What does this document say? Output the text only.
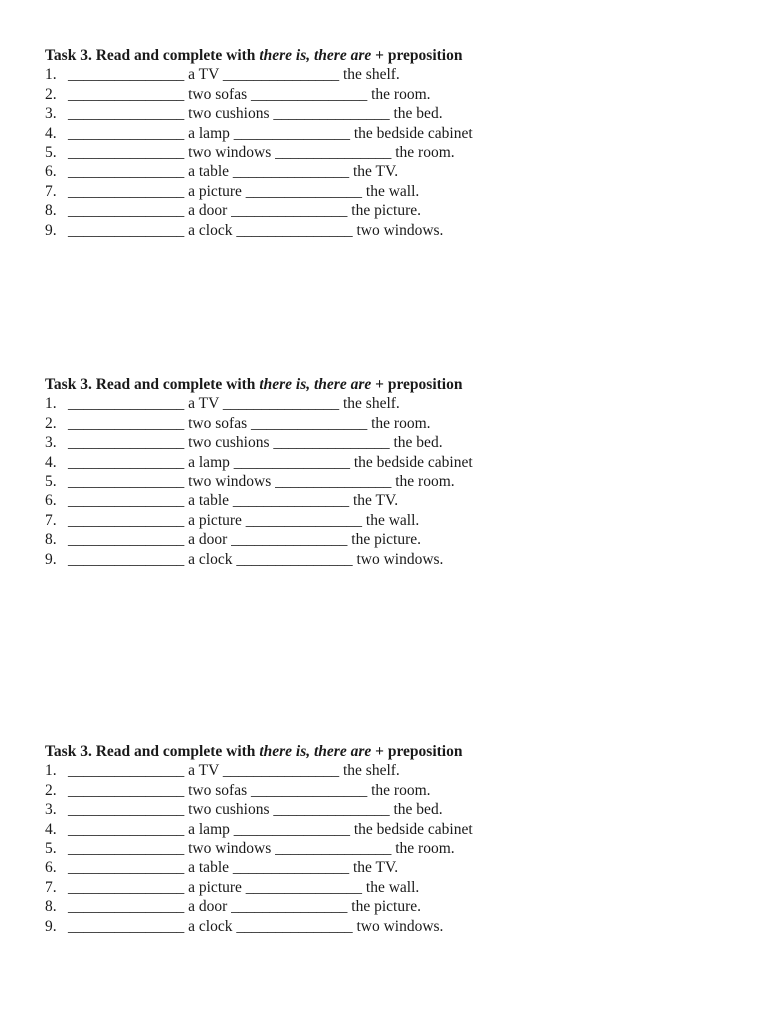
Task 3. Read and complete with there is, there are + preposition
1. _______________ a TV _______________ the shelf.
2. _______________ two sofas _______________ the room.
3. _______________ two cushions _______________ the bed.
4. _______________ a lamp _______________ the bedside cabinet
5. _______________ two windows _______________ the room.
6. _______________ a table _______________ the TV.
7. _______________ a picture _______________ the wall.
8. _______________ a door _______________ the picture.
9. _______________ a clock _______________ two windows.
Task 3. Read and complete with there is, there are + preposition
1. _______________ a TV _______________ the shelf.
2. _______________ two sofas _______________ the room.
3. _______________ two cushions _______________ the bed.
4. _______________ a lamp _______________ the bedside cabinet
5. _______________ two windows _______________ the room.
6. _______________ a table _______________ the TV.
7. _______________ a picture _______________ the wall.
8. _______________ a door _______________ the picture.
9. _______________ a clock _______________ two windows.
Task 3. Read and complete with there is, there are + preposition
1. _______________ a TV _______________ the shelf.
2. _______________ two sofas _______________ the room.
3. _______________ two cushions _______________ the bed.
4. _______________ a lamp _______________ the bedside cabinet
5. _______________ two windows _______________ the room.
6. _______________ a table _______________ the TV.
7. _______________ a picture _______________ the wall.
8. _______________ a door _______________ the picture.
9. _______________ a clock _______________ two windows.
